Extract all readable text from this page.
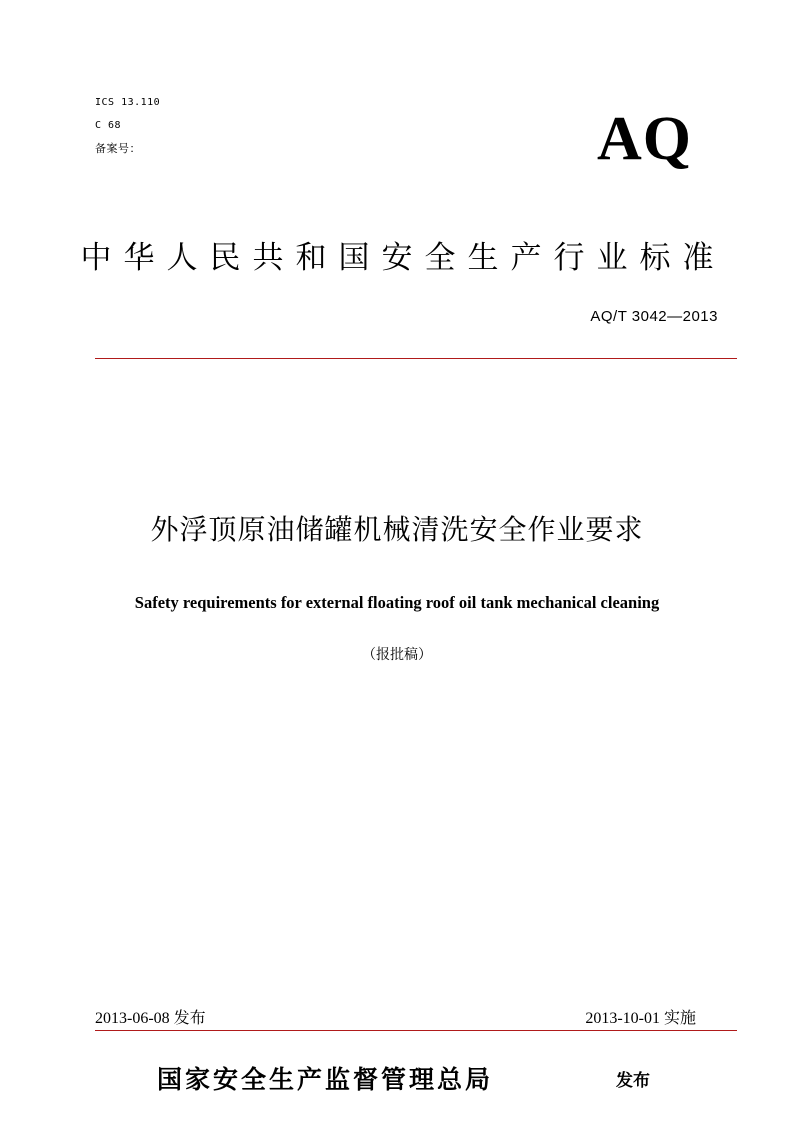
ICS 13.110
C 68
备案号：	AQ
中华人民共和国安全生产行业标准
AQ/T 3042—2013
外浮顶原油储罐机械清洗安全作业要求
Safety requirements for external floating roof oil tank mechanical cleaning
（报批稿）
2013-06-08 发布	2013-10-01 实施
国家安全生产监督管理总局	发布
